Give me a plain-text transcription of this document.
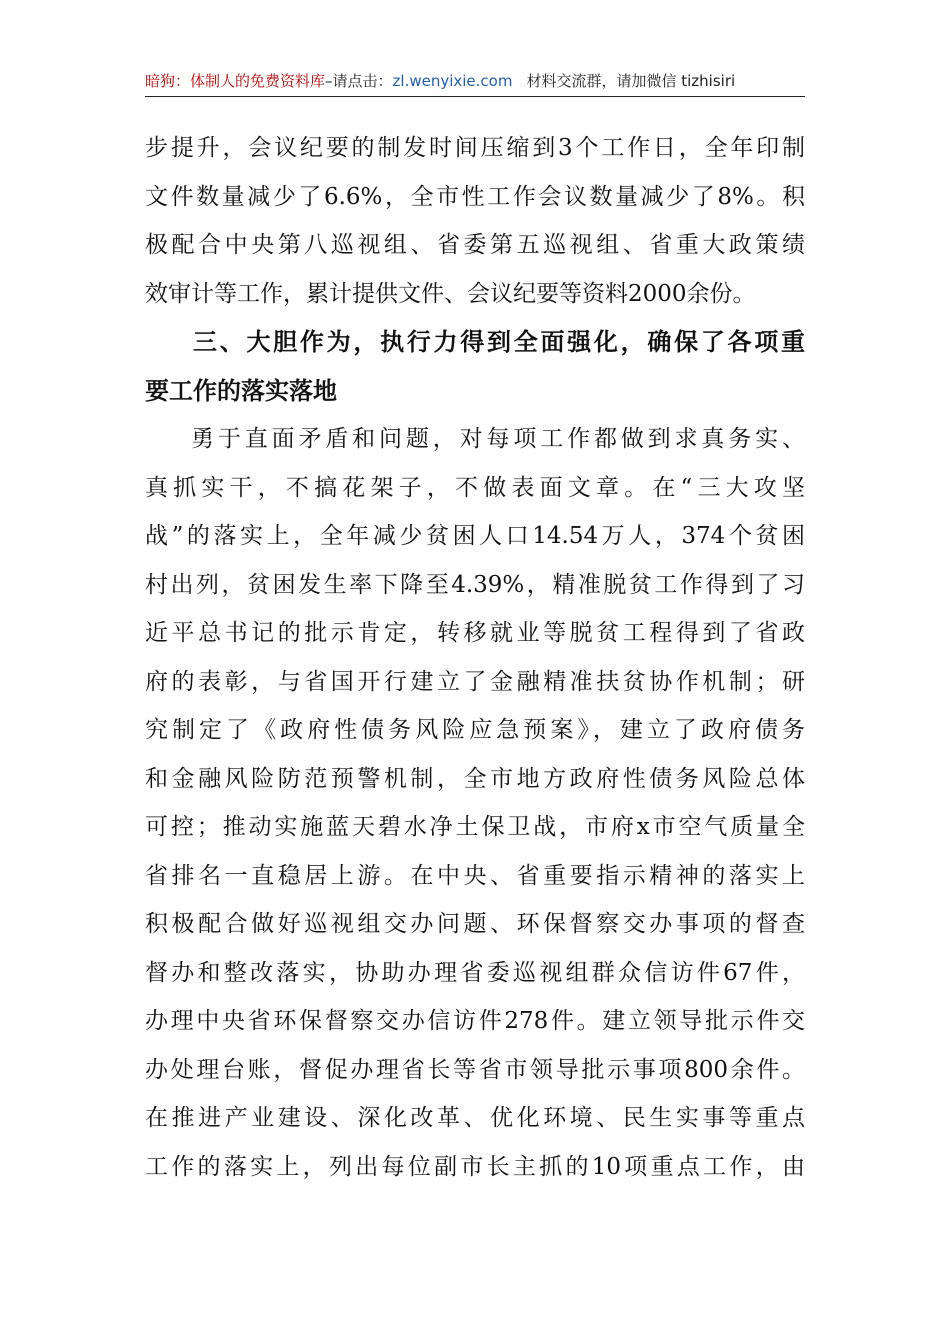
暗狗：体制人的免费资料库–请点击：zl.wenyixie.com 材料交流群，请加微信 tizhisiri
步提升，会议纪要的制发时间压缩到3个工作日，全年印制
文件数量减少了6.6%，全市性工作会议数量减少了8%。积
极配合中央第八巡视组、省委第五巡视组、省重大政策绩
效审计等工作，累计提供文件、会议纪要等资料2000余份。
三、大胆作为，执行力得到全面强化，确保了各项重
要工作的落实落地
勇于直面矛盾和问题，对每项工作都做到求真务实、
真抓实干，不搞花架子，不做表面文章。在“三大攻坚
战”的落实上，全年减少贫困人口14.54万人，374个贫困
村出列，贫困发生率下降至4.39%，精准脱贫工作得到了习
近平总书记的批示肯定，转移就业等脱贫工程得到了省政
府的表彰，与省国开行建立了金融精准扶贫协作机制；研
究制定了《政府性债务风险应急预案》，建立了政府债务
和金融风险防范预警机制，全市地方政府性债务风险总体
可控；推动实施蓝天碧水净土保卫战，市府x市空气质量全
省排名一直稳居上游。在中央、省重要指示精神的落实上
积极配合做好巡视组交办问题、环保督察交办事项的督查
督办和整改落实，协助办理省委巡视组群众信访件67件，
办理中央省环保督察交办信访件278件。建立领导批示件交
办处理台账，督促办理省长等省市领导批示事项800余件。
在推进产业建设、深化改革、优化环境、民生实事等重点
工作的落实上，列出每位副市长主抓的10项重点工作，由
